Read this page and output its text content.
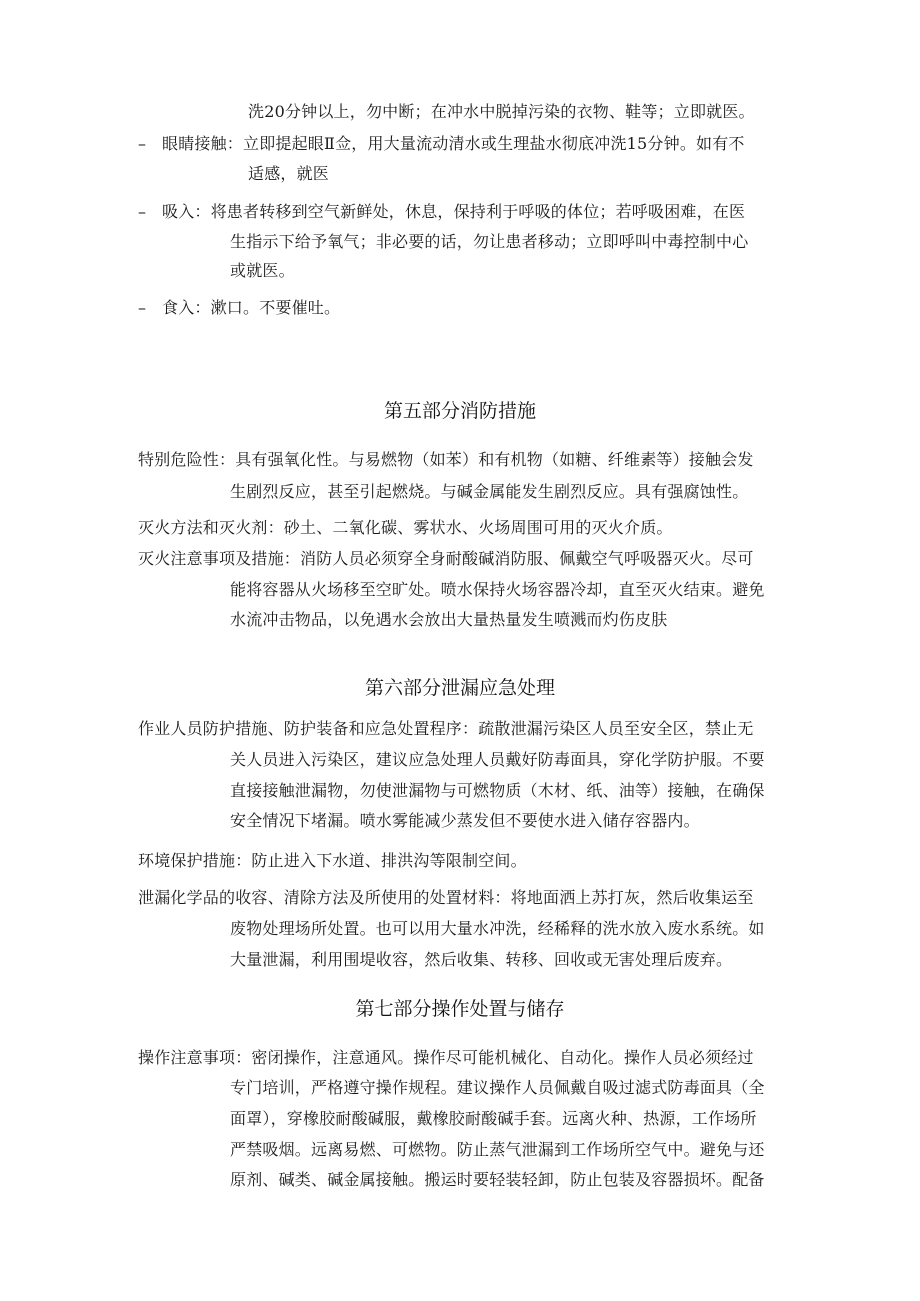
洗20分钟以上，勿中断；在冲水中脱掉污染的衣物、鞋等；立即就医。
– 眼睛接触：立即提起眼Ⅱ佥，用大量流动清水或生理盐水彻底冲洗15分钟。如有不
适感，就医
– 吸入：将患者转移到空气新鲜处，休息，保持利于呼吸的体位；若呼吸困难，在医
生指示下给予氧气；非必要的话，勿让患者移动；立即呼叫中毒控制中心
或就医。
– 食入：漱口。不要催吐。
第五部分消防措施
特别危险性：具有强氧化性。与易燃物（如苯）和有机物（如糖、纤维素等）接触会发
生剧烈反应，甚至引起燃烧。与碱金属能发生剧烈反应。具有强腐蚀性。
灭火方法和灭火剂：砂土、二氧化碳、雾状水、火场周围可用的灭火介质。
灭火注意事项及措施：消防人员必须穿全身耐酸碱消防服、佩戴空气呼吸器灭火。尽可
能将容器从火场移至空旷处。喷水保持火场容器冷却，直至灭火结束。避免
水流冲击物品，以免遇水会放出大量热量发生喷溅而灼伤皮肤
第六部分泄漏应急处理
作业人员防护措施、防护装备和应急处置程序：疏散泄漏污染区人员至安全区，禁止无
关人员进入污染区，建议应急处理人员戴好防毒面具，穿化学防护服。不要
直接接触泄漏物，勿使泄漏物与可燃物质（木材、纸、油等）接触，在确保
安全情况下堵漏。喷水雾能减少蒸发但不要使水进入储存容器内。
环境保护措施：防止进入下水道、排洪沟等限制空间。
泄漏化学品的收容、清除方法及所使用的处置材料：将地面洒上苏打灰，然后收集运至
废物处理场所处置。也可以用大量水冲洗，经稀释的洗水放入废水系统。如
大量泄漏，利用围堤收容，然后收集、转移、回收或无害处理后废弃。
第七部分操作处置与储存
操作注意事项：密闭操作，注意通风。操作尽可能机械化、自动化。操作人员必须经过
专门培训，严格遵守操作规程。建议操作人员佩戴自吸过滤式防毒面具（全
面罩），穿橡胶耐酸碱服，戴橡胶耐酸碱手套。远离火种、热源，工作场所
严禁吸烟。远离易燃、可燃物。防止蒸气泄漏到工作场所空气中。避免与还
原剂、碱类、碱金属接触。搬运时要轻装轻卸，防止包装及容器损坏。配备
